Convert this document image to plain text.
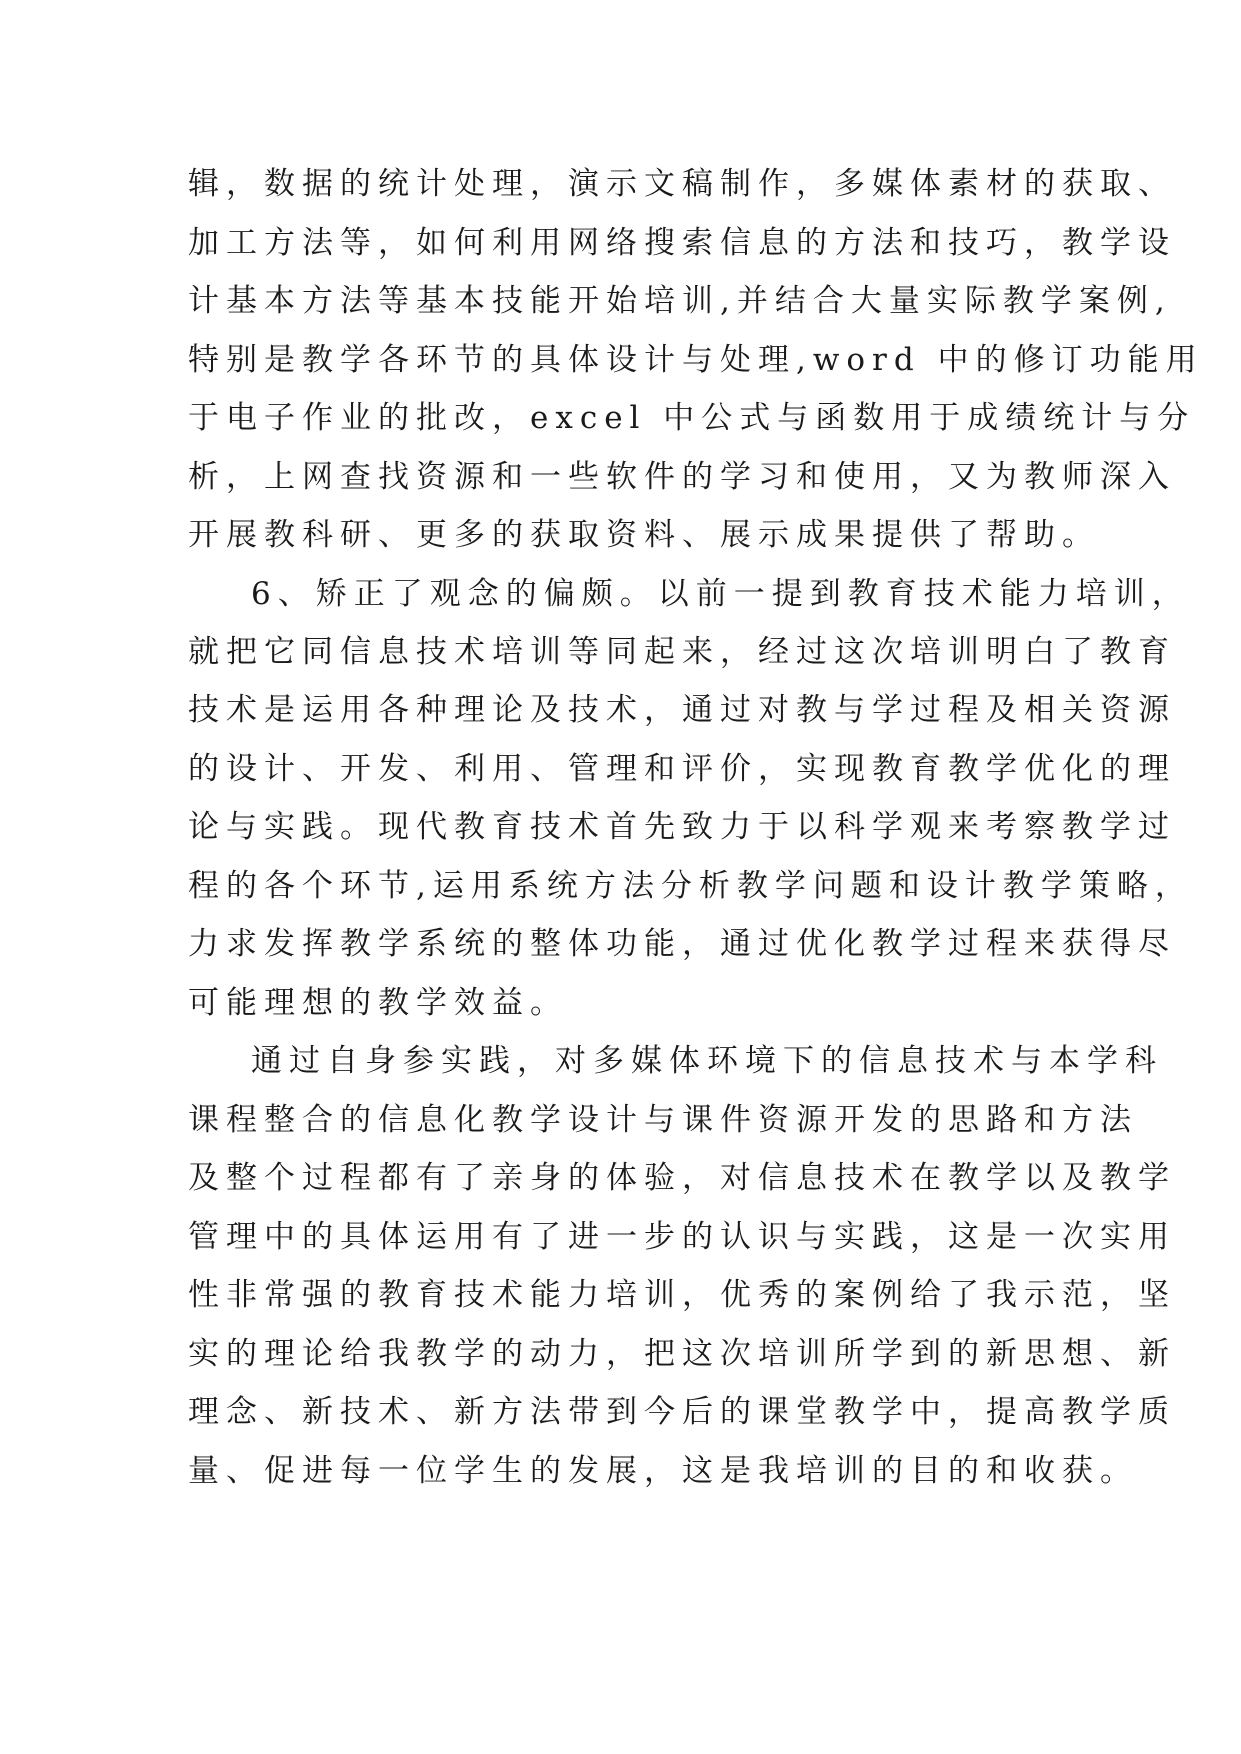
辑，数据的统计处理，演示文稿制作，多媒体素材的获取、
加工方法等，如何利用网络搜索信息的方法和技巧，教学设
计基本方法等基本技能开始培训,并结合大量实际教学案例,
特别是教学各环节的具体设计与处理,word 中的修订功能用
于电子作业的批改，excel 中公式与函数用于成绩统计与分
析，上网查找资源和一些软件的学习和使用，又为教师深入
开展教科研、更多的获取资料、展示成果提供了帮助。
6、矫正了观念的偏颇。以前一提到教育技术能力培训，
就把它同信息技术培训等同起来，经过这次培训明白了教育
技术是运用各种理论及技术，通过对教与学过程及相关资源
的设计、开发、利用、管理和评价，实现教育教学优化的理
论与实践。现代教育技术首先致力于以科学观来考察教学过
程的各个环节,运用系统方法分析教学问题和设计教学策略，
力求发挥教学系统的整体功能，通过优化教学过程来获得尽
可能理想的教学效益。
通过自身参实践，对多媒体环境下的信息技术与本学科
课程整合的信息化教学设计与课件资源开发的思路和方法
及整个过程都有了亲身的体验，对信息技术在教学以及教学
管理中的具体运用有了进一步的认识与实践，这是一次实用
性非常强的教育技术能力培训，优秀的案例给了我示范，坚
实的理论给我教学的动力，把这次培训所学到的新思想、新
理念、新技术、新方法带到今后的课堂教学中，提高教学质
量、促进每一位学生的发展，这是我培训的目的和收获。
